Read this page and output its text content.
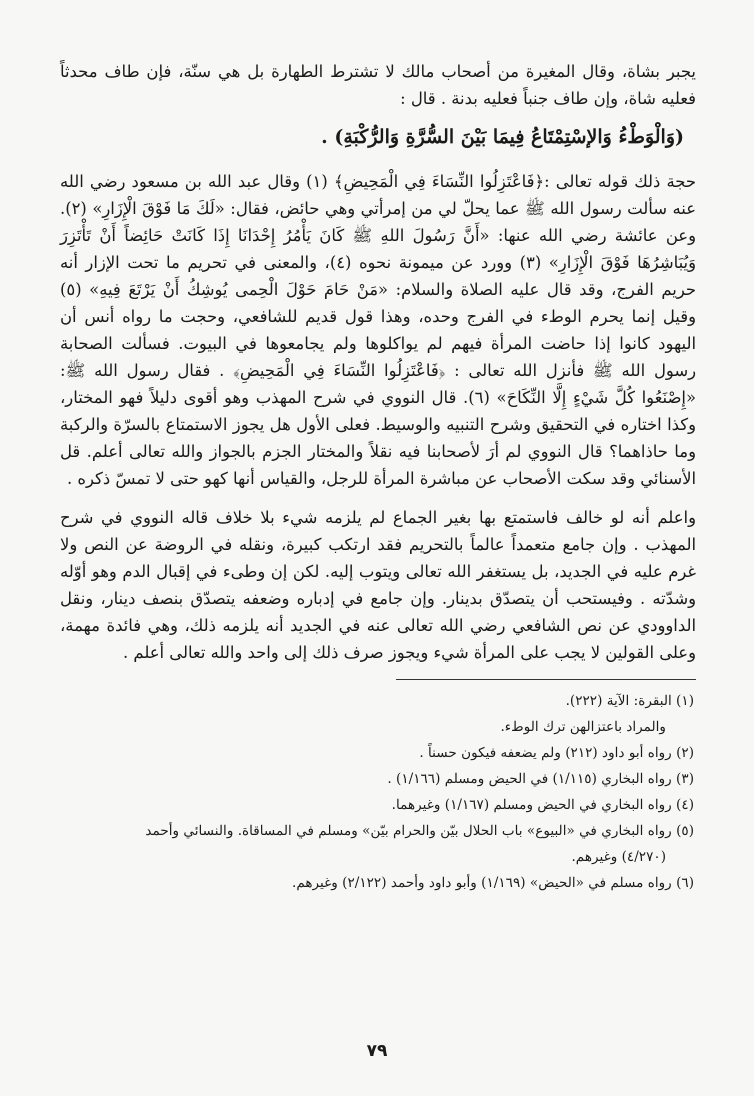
يجبر بشاة، وقال المغيرة من أصحاب مالك لا تشترط الطهارة بل هي سنّة، فإن طاف محدثاً فعليه شاة، وإن طاف جنباً فعليه بدنة . قال :

(وَالْوَطْءُ وَالإسْتِمْتَاعُ فِيمَا بَيْنَ السُّرَّةِ وَالرُّكْبَةِ) .

حجة ذلك قوله تعالى :﴿فَاعْتَزِلُوا النِّسَاءَ فِي الْمَحِيضِ﴾ (١) وقال عبد الله بن مسعود رضي الله عنه سألت رسول الله ﷺ عما يحلّ لي من إمرأتي وهي حائض، فقال: «لَكَ مَا فَوْقَ الْإِزَارِ» (٢). وعن عائشة رضي الله عنها: «أَنَّ رَسُولَ اللهِ ﷺ كَانَ يَأْمُرُ إِحْدَانَا إِذَا كَانَتْ حَائِضاً أَنْ تَأْتَزِرَ وَيُبَاشِرُهَا فَوْقَ الْإِزَارِ» (٣) وورد عن ميمونة نحوه (٤)، والمعنى في تحريم ما تحت الإزار أنه حريم الفرج، وقد قال عليه الصلاة والسلام: «مَنْ حَامَ حَوْلَ الْحِمى يُوشِكُ أَنْ يَرْتَعَ فِيهِ» (٥) وقيل إنما يحرم الوطء في الفرج وحده، وهذا قول قديم للشافعي، وحجت ما رواه أنس أن اليهود كانوا إذا حاضت المرأة فيهم لم يواكلوها ولم يجامعوها في البيوت. فسألت الصحابة رسول الله ﷺ فأنزل الله تعالى : ﴿فَاعْتَزِلُوا النِّسَاءَ فِي الْمَحِيضِ﴾ . فقال رسول الله ﷺ: «إِصْنَعُوا كُلَّ شَيْءٍ إِلَّا النِّكَاحَ» (٦). قال النووي في شرح المهذب وهو أقوى دليلاً فهو المختار، وكذا اختاره في التحقيق وشرح التنبيه والوسيط. فعلى الأول هل يجوز الاستمتاع بالسرّة والركبة وما حاذاهما؟ قال النووي لم أرَ لأصحابنا فيه نقلاً والمختار الجزم بالجواز والله تعالى أعلم. قل الأسنائي وقد سكت الأصحاب عن مباشرة المرأة للرجل، والقياس أنها كهو حتى لا تمسّ ذكره .

واعلم أنه لو خالف فاستمتع بها بغير الجماع لم يلزمه شيء بلا خلاف قاله النووي في شرح المهذب . وإن جامع متعمداً عالماً بالتحريم فقد ارتكب كبيرة، ونقله في الروضة عن النص ولا غرم عليه في الجديد، بل يستغفر الله تعالى ويتوب إليه. لكن إن وطىء في إقبال الدم وهو أوّله وشدّته . وفيستحب أن يتصدّق بدينار. وإن جامع في إدباره وضعفه يتصدّق بنصف دينار، ونقل الداوودي عن نص الشافعي رضي الله تعالى عنه في الجديد أنه يلزمه ذلك، وهي فائدة مهمة، وعلى القولين لا يجب على المرأة شيء ويجوز صرف ذلك إلى واحد والله تعالى أعلم .

(١) البقرة: الآية (٢٢٢).

والمراد باعتزالهن ترك الوطء.

(٢) رواه أبو داود (٢١٢) ولم يضعفه فيكون حسناً .

(٣) رواه البخاري (١/١١٥) في الحيض ومسلم (١/١٦٦) .

(٤) رواه البخاري في الحيض ومسلم (١/١٦٧) وغيرهما.

(٥) رواه البخاري في «البيوع» باب الحلال بيّن والحرام بيّن» ومسلم في المساقاة. والنسائي وأحمد

(٤/٢٧٠) وغيرهم.

(٦) رواه مسلم في «الحيض» (١/١٦٩) وأبو داود وأحمد (٢/١٢٢) وغيرهم.

٧٩
